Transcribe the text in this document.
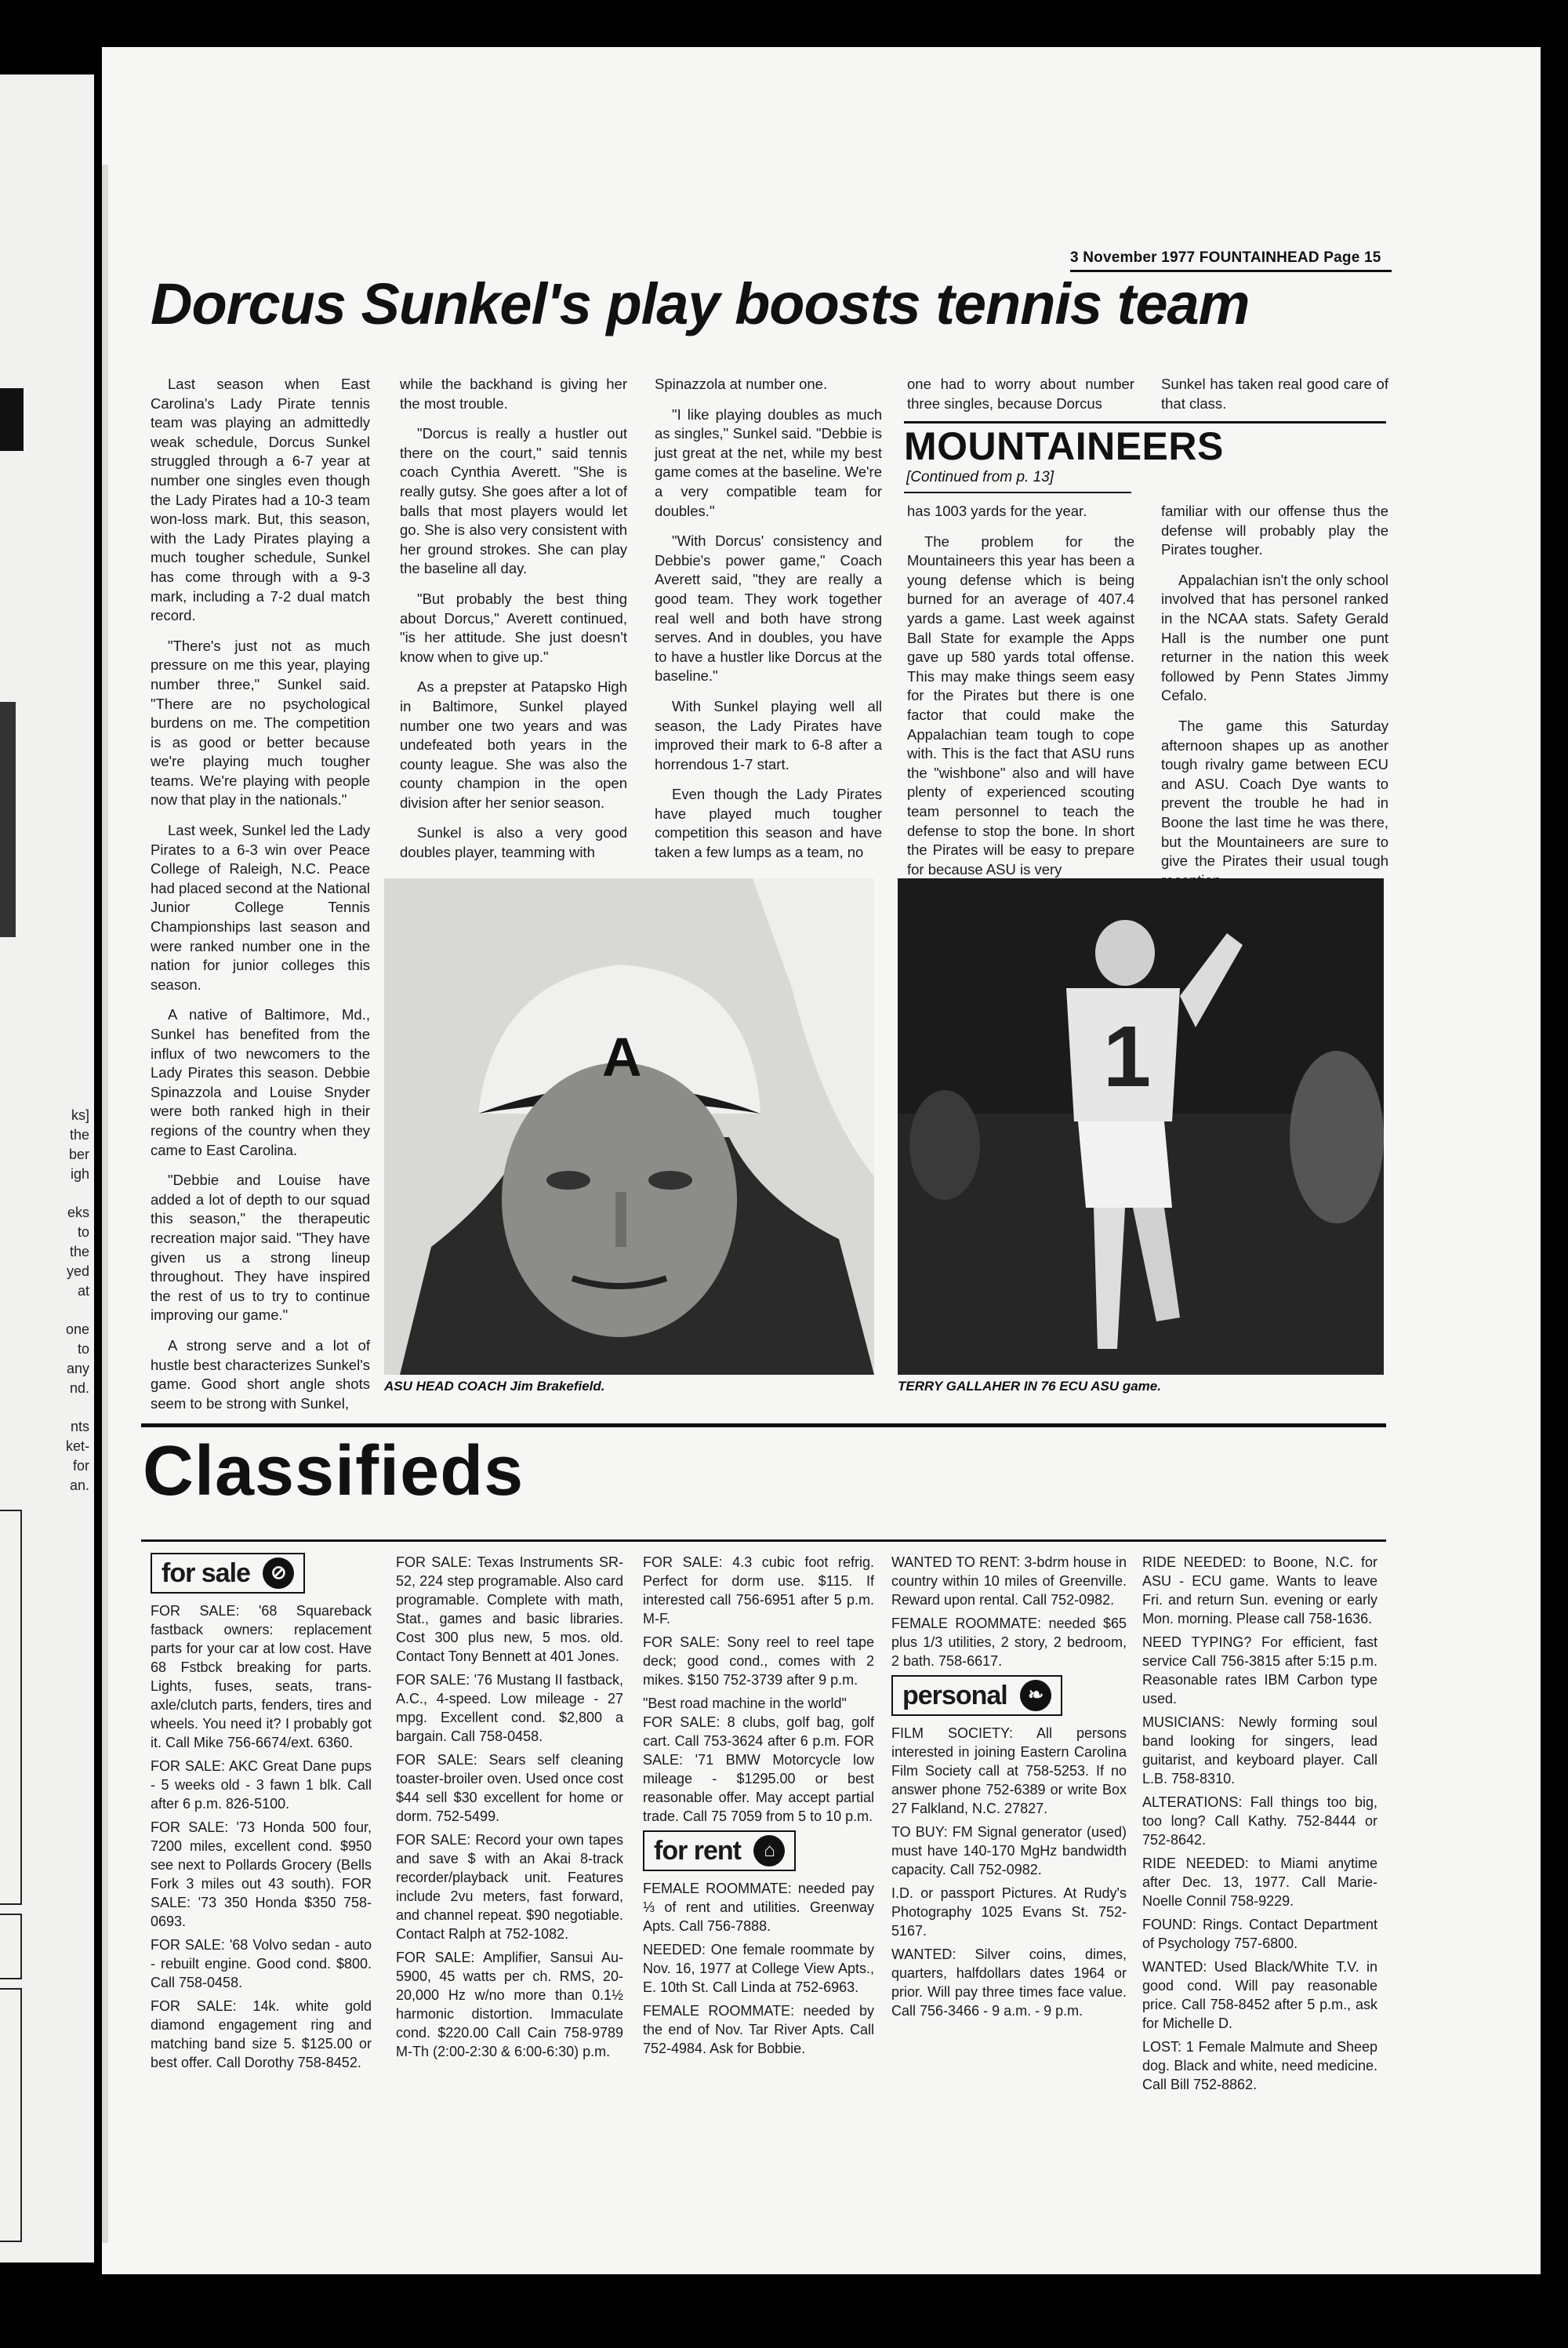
ks]
the
ber
igh
eks
to
the
yed
at
one
to
any
nd.
nts
ket-
for
an.
3 November 1977 FOUNTAINHEAD Page 15
Dorcus Sunkel's play boosts tennis team

Last season when East Carolina's Lady Pirate tennis team was playing an admittedly weak schedule, Dorcus Sunkel struggled through a 6-7 year at number one singles even though the Lady Pirates had a 10-3 team won-loss mark. But, this season, with the Lady Pirates playing a much tougher schedule, Sunkel has come through with a 9-3 mark, including a 7-2 dual match record.

"There's just not as much pressure on me this year, playing number three," Sunkel said. "There are no psychological burdens on me. The competition is as good or better because we're playing much tougher teams. We're playing with people now that play in the nationals."

Last week, Sunkel led the Lady Pirates to a 6-3 win over Peace College of Raleigh, N.C. Peace had placed second at the National Junior College Tennis Championships last season and were ranked number one in the nation for junior colleges this season.

A native of Baltimore, Md., Sunkel has benefited from the influx of two newcomers to the Lady Pirates this season. Debbie Spinazzola and Louise Snyder were both ranked high in their regions of the country when they came to East Carolina.

"Debbie and Louise have added a lot of depth to our squad this season," the therapeutic recreation major said. "They have given us a strong lineup throughout. They have inspired the rest of us to try to continue improving our game."

A strong serve and a lot of hustle best characterizes Sunkel's game. Good short angle shots seem to be strong with Sunkel,

while the backhand is giving her the most trouble.

"Dorcus is really a hustler out there on the court," said tennis coach Cynthia Averett. "She is really gutsy. She goes after a lot of balls that most players would let go. She is also very consistent with her ground strokes. She can play the baseline all day.

"But probably the best thing about Dorcus," Averett continued, "is her attitude. She just doesn't know when to give up."

As a prepster at Patapsko High in Baltimore, Sunkel played number one two years and was undefeated both years in the county league. She was also the county champion in the open division after her senior season.

Sunkel is also a very good doubles player, teamming with

Spinazzola at number one.

"I like playing doubles as much as singles," Sunkel said. "Debbie is just great at the net, while my best game comes at the baseline. We're a very compatible team for doubles."

"With Dorcus' consistency and Debbie's power game," Coach Averett said, "they are really a good team. They work together real well and both have strong serves. And in doubles, you have to have a hustler like Dorcus at the baseline."

With Sunkel playing well all season, the Lady Pirates have improved their mark to 6-8 after a horrendous 1-7 start.

Even though the Lady Pirates have played much tougher competition this season and have taken a few lumps as a team, no

one had to worry about number three singles, because Dorcus

Sunkel has taken real good care of that class.

MOUNTAINEERS
[Continued from p. 13]

has 1003 yards for the year.

The problem for the Mountaineers this year has been a young defense which is being burned for an average of 407.4 yards a game. Last week against Ball State for example the Apps gave up 580 yards total offense. This may make things seem easy for the Pirates but there is one factor that could make the Appalachian team tough to cope with. This is the fact that ASU runs the "wishbone" also and will have plenty of experienced scouting team personnel to teach the defense to stop the bone. In short the Pirates will be easy to prepare for because ASU is very

familiar with our offense thus the defense will probably play the Pirates tougher.

Appalachian isn't the only school involved that has personel ranked in the NCAA stats. Safety Gerald Hall is the number one punt returner in the nation this week followed by Penn States Jimmy Cefalo.

The game this Saturday afternoon shapes up as another tough rivalry game between ECU and ASU. Coach Dye wants to prevent the trouble he had in Boone the last time he was there, but the Mountaineers are sure to give the Pirates their usual tough

A
ASU HEAD COACH Jim Brakefield.
1
TERRY GALLAHER IN 76 ECU ASU game.
Classifieds
for sale	⊘

FOR SALE: '68 Squareback fastback owners: replacement parts for your car at low cost. Have 68 Fstbck breaking for parts. Lights, fuses, seats, trans-axle/clutch parts, fenders, tires and wheels. You need it? I probably got it. Call Mike 756-6674/ext. 6360.

FOR SALE: AKC Great Dane pups - 5 weeks old - 3 fawn 1 blk. Call after 6 p.m. 826-5100.

FOR SALE: '73 Honda 500 four, 7200 miles, excellent cond. $950 see next to Pollards Grocery (Bells Fork 3 miles out 43 south). FOR SALE: '73 350 Honda $350 758-0693.

FOR SALE: '68 Volvo sedan - auto - rebuilt engine. Good cond. $800. Call 758-0458.

FOR SALE: 14k. white gold diamond engagement ring and matching band size 5. $125.00 or best offer. Call Dorothy 758-8452.

FOR SALE: Texas Instruments SR-52, 224 step programable. Also card programable. Complete with math, Stat., games and basic libraries. Cost 300 plus new, 5 mos. old. Contact Tony Bennett at 401 Jones.

FOR SALE: '76 Mustang II fastback, A.C., 4-speed. Low mileage - 27 mpg. Excellent cond. $2,800 a bargain. Call 758-0458.

FOR SALE: Sears self cleaning toaster-broiler oven. Used once cost $44 sell $30 excellent for home or dorm. 752-5499.

FOR SALE: Record your own tapes and save $ with an Akai 8-track recorder/playback unit. Features include 2vu meters, fast forward, and channel repeat. $90 negotiable. Contact Ralph at 752-1082.

FOR SALE: Amplifier, Sansui Au-5900, 45 watts per ch. RMS, 20-20,000 Hz w/no more than 0.1½ harmonic distortion. Immaculate cond. $220.00 Call Cain 758-9789 M-Th (2:00-2:30 & 6:00-6:30) p.m.

FOR SALE: 4.3 cubic foot refrig. Perfect for dorm use. $115. If interested call 756-6951 after 5 p.m. M-F.

FOR SALE: Sony reel to reel tape deck; good cond., comes with 2 mikes. $150 752-3739 after 9 p.m.

"Best road machine in the world"

FOR SALE: 8 clubs, golf bag, golf cart. Call 753-3624 after 6 p.m. FOR SALE: '71 BMW Motorcycle low mileage - $1295.00 or best reasonable offer. May accept partial trade. Call 75 7059 from 5 to 10 p.m.

for rent	⌂

FEMALE ROOMMATE: needed pay ⅓ of rent and utilities. Greenway Apts. Call 756-7888.

NEEDED: One female roommate by Nov. 16, 1977 at College View Apts., E. 10th St. Call Linda at 752-6963.

FEMALE ROOMMATE: needed by the end of Nov. Tar River Apts. Call 752-4984. Ask for Bobbie.

WANTED TO RENT: 3-bdrm house in country within 10 miles of Greenville. Reward upon rental. Call 752-0982.

FEMALE ROOMMATE: needed $65 plus 1/3 utilities, 2 story, 2 bedroom, 2 bath. 758-6617.

personal	❧

FILM SOCIETY: All persons interested in joining Eastern Carolina Film Society call at 758-5253. If no answer phone 752-6389 or write Box 27 Falkland, N.C. 27827.

TO BUY: FM Signal generator (used) must have 140-170 MgHz bandwidth capacity. Call 752-0982.

I.D. or passport Pictures. At Rudy's Photography 1025 Evans St. 752-5167.

WANTED: Silver coins, dimes, quarters, halfdollars dates 1964 or prior. Will pay three times face value. Call 756-3466 - 9 a.m. - 9 p.m.

RIDE NEEDED: to Boone, N.C. for ASU - ECU game. Wants to leave Fri. and return Sun. evening or early Mon. morning. Please call 758-1636.

NEED TYPING? For efficient, fast service Call 756-3815 after 5:15 p.m. Reasonable rates IBM Carbon type used.

MUSICIANS: Newly forming soul band looking for singers, lead guitarist, and keyboard player. Call L.B. 758-8310.

ALTERATIONS: Fall things too big, too long? Call Kathy. 752-8444 or 752-8642.

RIDE NEEDED: to Miami anytime after Dec. 13, 1977. Call Marie-Noelle Connil 758-9229.

FOUND: Rings. Contact Department of Psychology 757-6800.

WANTED: Used Black/White T.V. in good cond. Will pay reasonable price. Call 758-8452 after 5 p.m., ask for Michelle D.

LOST: 1 Female Malmute and Sheep dog. Black and white, need medicine. Call Bill 752-8862.
